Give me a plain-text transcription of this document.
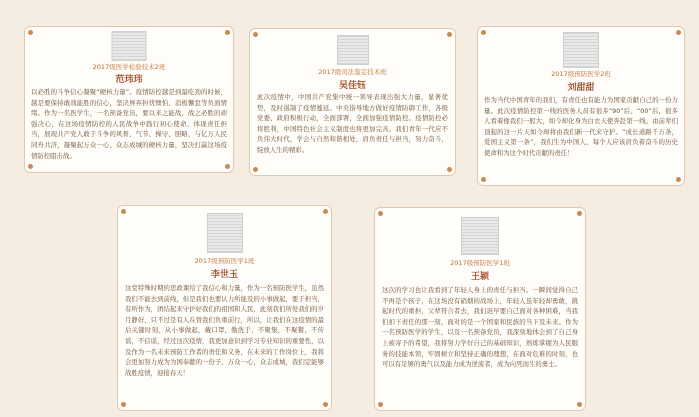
2017级医学检验技术2班
范玮玮
以必胜的斗争信心凝聚“硬核力量”。疫情防控越是到最吃劲的时候，越是要保持敢战能胜的信心，坚决屏弃担忧懊怕、消极懈怠等负面情绪。作为一名医学生，一名预备党员，要以来之能战、战之必胜的顽强决心，在这场疫情防控的人民战争中践行初心使命、体现责任担当，展现共产党人敢于斗争的风骨、气节、操守、胆略，与亿万人民同舟共济，凝聚起万众一心、众志成城的硬核力量，坚决打赢这场疫情防控阻击战。
2017级司法鉴定技术班
吴佳钰
此次疫情中，中国共产党集中统一领导表现出强大力量，显著优势，及时遏制了疫情蔓延。中央指导地方做好疫情防御工作，各级党委、政府积极行动，全面部署，全面加强疫情防控。疫情防控必将胜利，中国特色社会主义制度也将更加完善。我们青年一代应不负伟大时代，学会与自然和谐相处，肩负责任与担当，努力奋斗，绽放人生的精彩。
2017级预防医学2班
刘甜甜
作为当代中国青年的我们，有责任也有能力为国家贡献自己的一份力量。此次疫情防控第一线的医务人员有很多“90”后、“00”后，很多人看着像我们一般大，如今却化身为白衣天使奔赴第一线。由前辈们顶起的这一片天如今却将由我们新一代来守护。“成长道路千万条，爱国主义第一条”，我们生为中国人，每个人应该肩负着奋斗的历史使命和为这个时代贡献的责任！
2017级预防医学1班
李世玉
这堂特殊时期的思政课给了我信心和力量，作为一名预防医学生，虽然我们不能去到前线，但是我们也要认力所能及的小事做起，要于担当，有所作为，团结起来守护好我们的祖国和人民，此刻我们所处我们的岁月静好，只不过是有人在替我们负重前行，所以，让我们在这疫情的最后关键时刻，从小事做起，戴口罩，勤洗手，不聚集，不聚餐，不传谣，不信谣，经过这次疫情，我更加意识到学习专业知识的重要性，以及作为一名未来预防工作者的责任和义务，在未来的工作岗位上，我将会更加努力成为为国奉献的一份子，万众一心，众志成城，我们定能够战胜疫情，迎接春天！
2017级预防医学1班
王颖
这次的学习也让我看到了年轻人身上的责任与担当。一瞬间觉得自己不再是个孩子，在这场没有硝烟的战场上，年轻人虽年轻却勇敢，挑起时代的重担，父辈符合者去，我们迟早要自己面对各种困难，当我们扣下责任的那一刻，面对的是一个国家和民族的当下及未来。作为一名预防医学的学生，以及一名预备党员，我深刻地体会到了自己身上被寄予的希望，我将努力学好自己的基础知识，熟练掌握为人民服务的技能本领，牢固树立和坚持正确的理想，在面对危难的时刻，也可以有足够的勇气以及能力成为逆流者，成为向死而生的勇士。
